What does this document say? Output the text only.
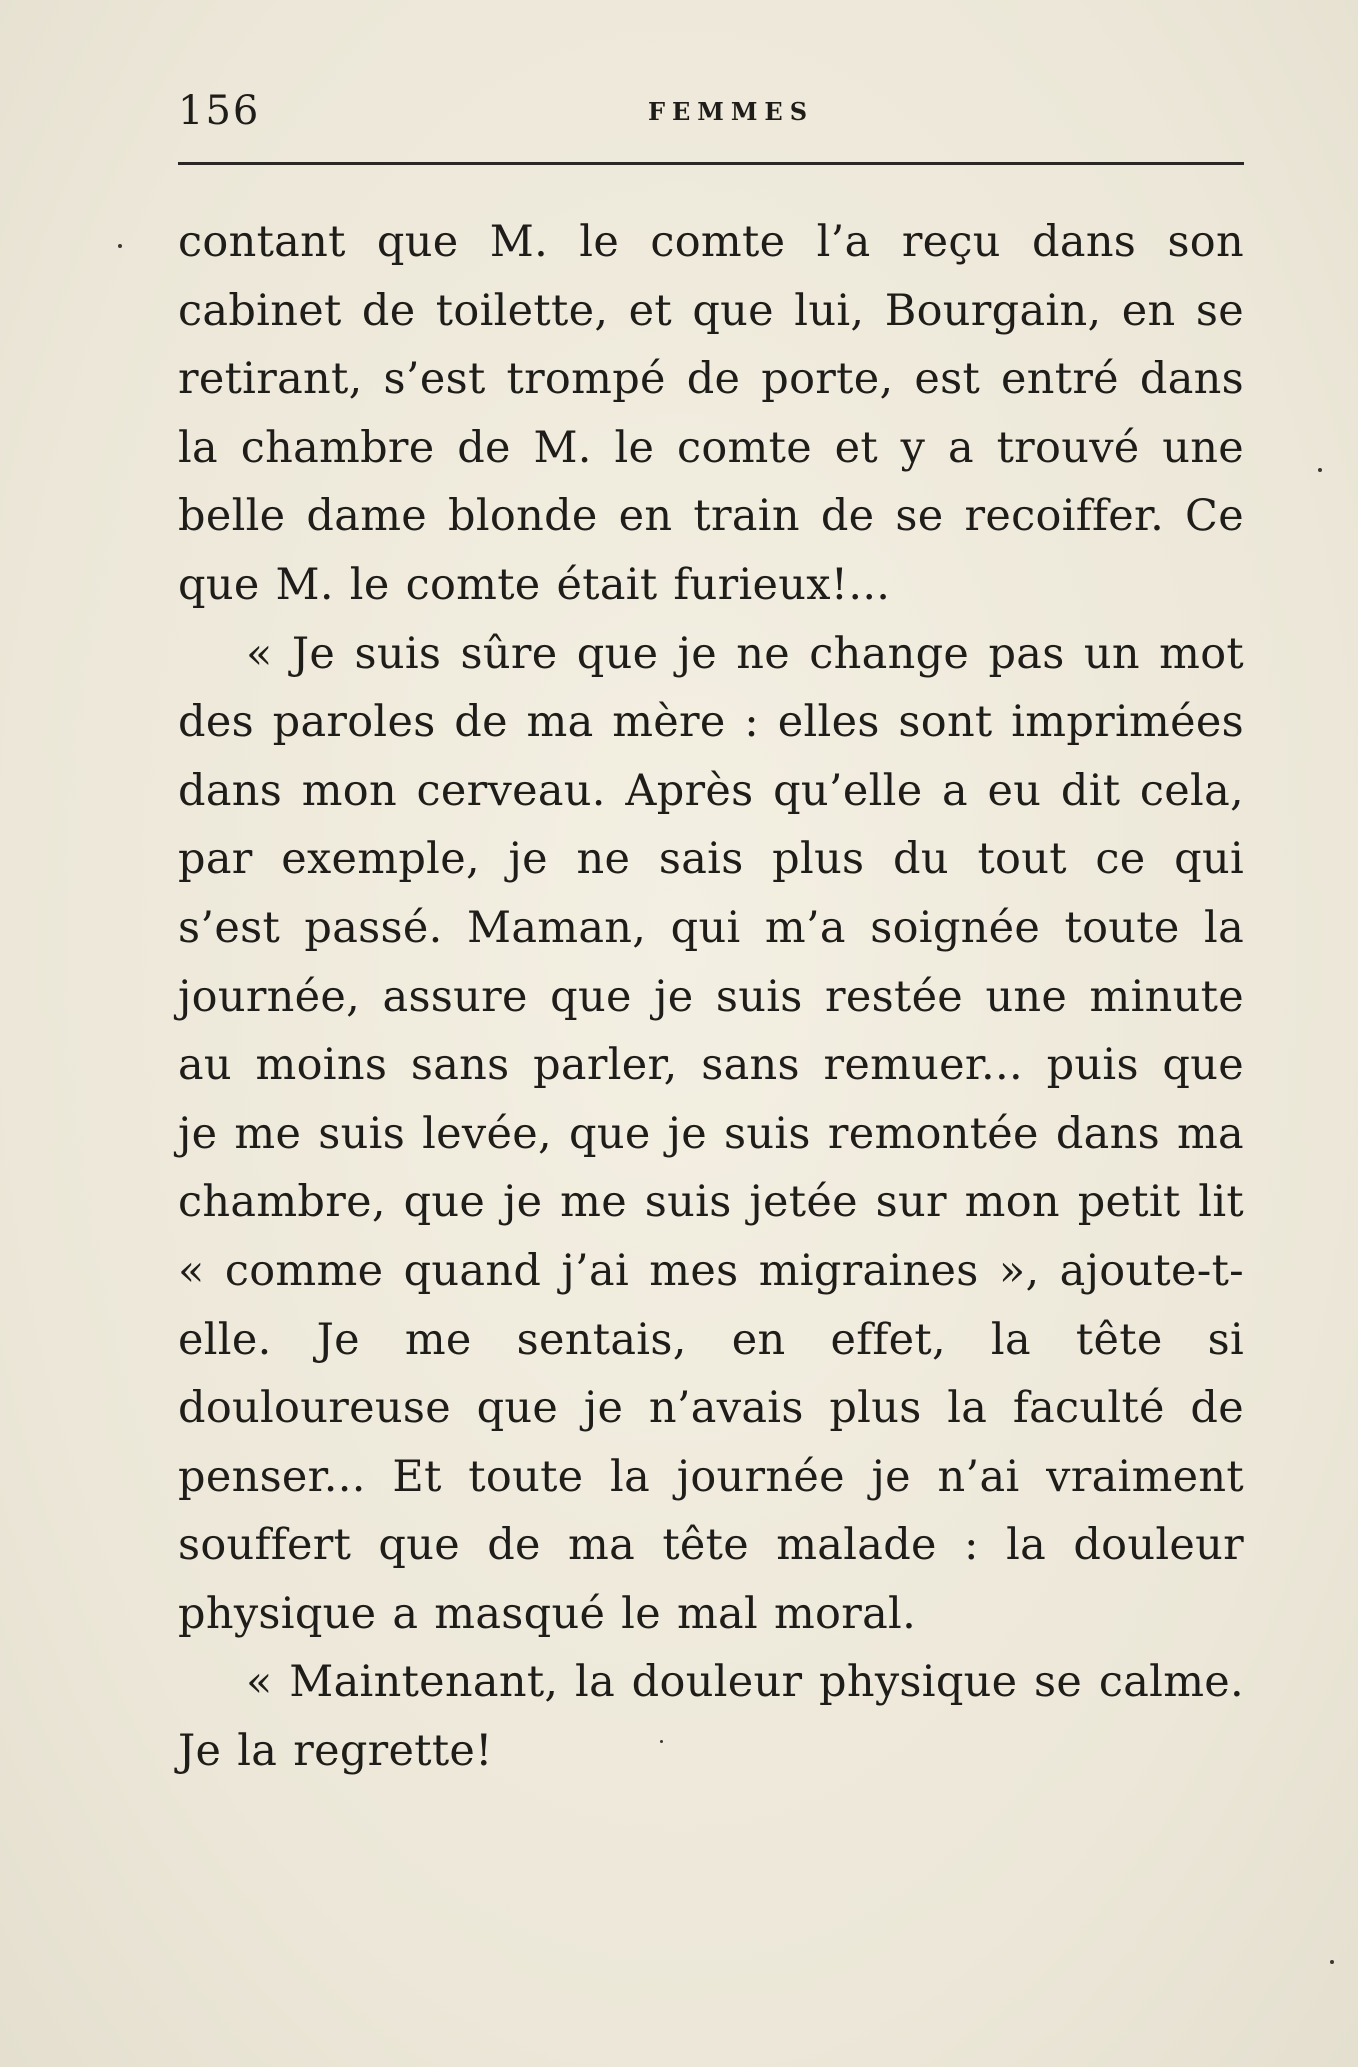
156	FEMMES

contant que M. le comte l’a reçu dans son cabinet de toilette, et que lui, Bourgain, en se retirant, s’est trompé de porte, est entré dans la chambre de M. le comte et y a trouvé une belle dame blonde en train de se recoiffer. Ce que M. le comte était furieux!...

« Je suis sûre que je ne change pas un mot des paroles de ma mère : elles sont imprimées dans mon cerveau. Après qu’elle a eu dit cela, par exemple, je ne sais plus du tout ce qui s’est passé. Maman, qui m’a soignée toute la journée, assure que je suis restée une minute au moins sans parler, sans remuer... puis que je me suis levée, que je suis remontée dans ma chambre, que je me suis jetée sur mon petit lit « comme quand j’ai mes migraines », ajoute-t-elle. Je me sentais, en effet, la tête si douloureuse que je n’avais plus la faculté de penser... Et toute la journée je n’ai vraiment souffert que de ma tête malade : la douleur physique a masqué le mal moral.

« Maintenant, la douleur physique se calme. Je la regrette!
